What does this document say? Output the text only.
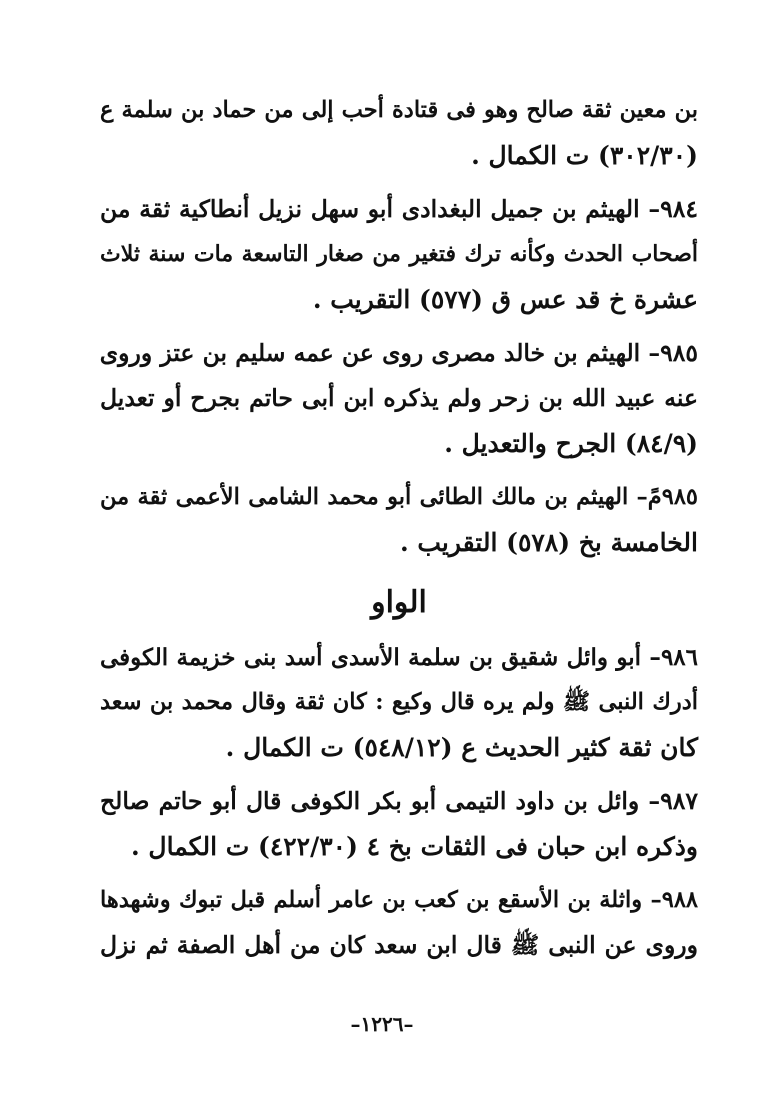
بن معين ثقة صالح وهو فى قتادة أحب إلى من حماد بن سلمة ع
(٣٠٢/٣٠) ت الكمال .
٩٨٤– الهيثم بن جميل البغدادى أبو سهل نزيل أنطاكية ثقة من
أصحاب الحدث وكأنه ترك فتغير من صغار التاسعة مات سنة ثلاث
عشرة خ قد عس ق (٥٧٧) التقريب .
٩٨٥– الهيثم بن خالد مصرى روى عن عمه سليم بن عتز وروى
عنه عبيد الله بن زحر ولم يذكره ابن أبى حاتم بجرح أو تعديل
(٨٤/٩) الجرح والتعديل .
٩٨٥مً– الهيثم بن مالك الطائى أبو محمد الشامى الأعمى ثقة من
الخامسة بخ (٥٧٨) التقريب .
الواو
٩٨٦– أبو وائل شقيق بن سلمة الأسدى أسد بنى خزيمة الكوفى
أدرك النبى ﷺ ولم يره قال وكيع : كان ثقة وقال محمد بن سعد
كان ثقة كثير الحديث ع (٥٤٨/١٢) ت الكمال .
٩٨٧– وائل بن داود التيمى أبو بكر الكوفى قال أبو حاتم صالح
وذكره ابن حبان فى الثقات بخ ٤ (٤٢٢/٣٠) ت الكمال .
٩٨٨– واثلة بن الأسقع بن كعب بن عامر أسلم قبل تبوك وشهدها
وروى عن النبى ﷺ قال ابن سعد كان من أهل الصفة ثم نزل
–١٢٢٦–
